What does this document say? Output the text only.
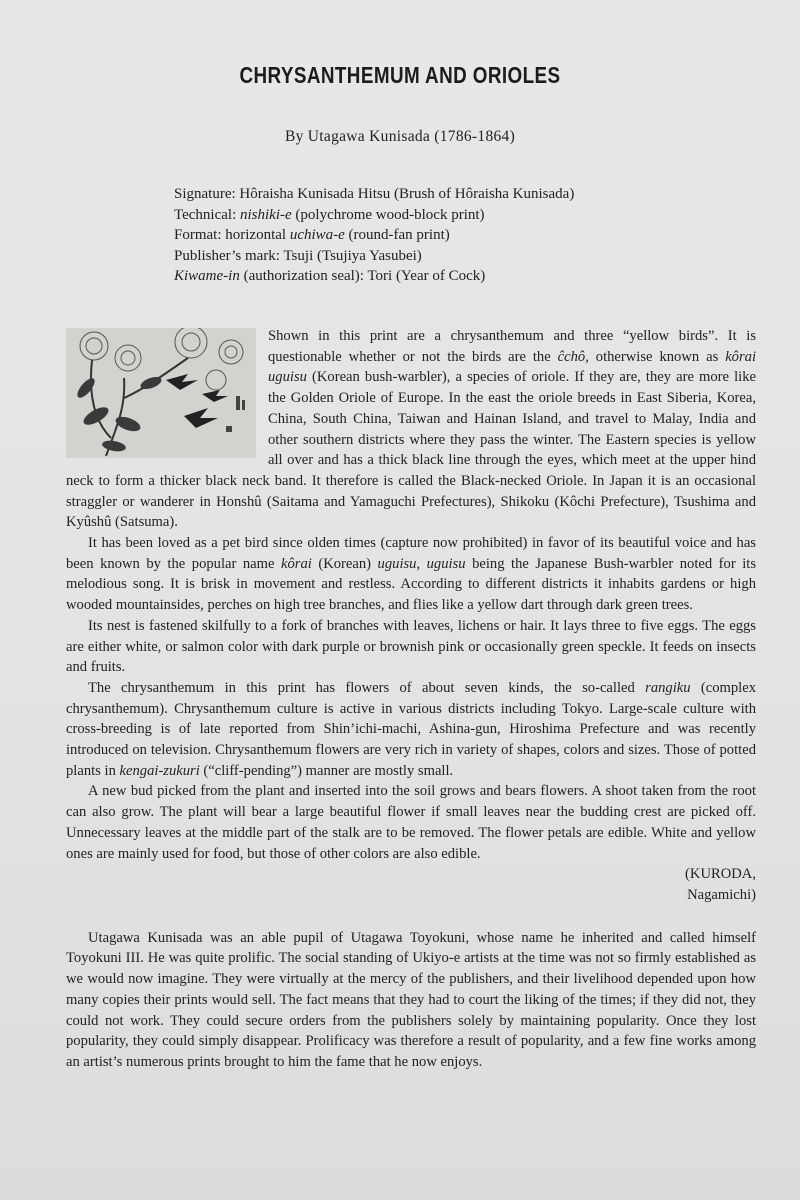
CHRYSANTHEMUM AND ORIOLES
By Utagawa Kunisada (1786-1864)
Signature: Hôraisha Kunisada Hitsu (Brush of Hôraisha Kunisada)
Technical: nishiki-e (polychrome wood-block print)
Format: horizontal uchiwa-e (round-fan print)
Publisher’s mark: Tsuji (Tsujiya Yasubei)
Kiwame-in (authorization seal): Tori (Year of Cock)

Shown in this print are a chrysanthemum and three “yellow birds”. It is questionable whether or not the birds are the ĉchô, otherwise known as kôrai uguisu (Korean bush-warbler), a species of oriole. If they are, they are more like the Golden Oriole of Europe. In the east the oriole breeds in East Siberia, Korea, China, South China, Taiwan and Hainan Island, and travel to Malay, India and other southern districts where they pass the winter. The Eastern species is yellow all over and has a thick black line through the eyes, which meet at the upper hind neck to form a thicker black neck band. It therefore is called the Black-necked Oriole. In Japan it is an occasional straggler or wanderer in Honshû (Saitama and Yamaguchi Prefectures), Shikoku (Kôchi Prefecture), Tsushima and Kyûshû (Satsuma).

It has been loved as a pet bird since olden times (capture now prohibited) in favor of its beautiful voice and has been known by the popular name kôrai (Korean) uguisu, uguisu being the Japanese Bush-warbler noted for its melodious song. It is brisk in movement and restless. According to different districts it inhabits gardens or high wooded mountainsides, perches on high tree branches, and flies like a yellow dart through dark green trees.

Its nest is fastened skilfully to a fork of branches with leaves, lichens or hair. It lays three to five eggs. The eggs are either white, or salmon color with dark purple or brownish pink or occasionally green speckle. It feeds on insects and fruits.

The chrysanthemum in this print has flowers of about seven kinds, the so-called rangiku (complex chrysanthemum). Chrysanthemum culture is active in various districts including Tokyo. Large-scale culture with cross-breeding is of late reported from Shin’ichi-machi, Ashina-gun, Hiroshima Prefecture and was recently introduced on television. Chrysanthemum flowers are very rich in variety of shapes, colors and sizes. Those of potted plants in kengai-zukuri (“cliff-pending”) manner are mostly small.

A new bud picked from the plant and inserted into the soil grows and bears flowers. A shoot taken from the root can also grow. The plant will bear a large beautiful flower if small leaves near the budding crest are picked off. Unnecessary leaves at the middle part of the stalk are to be removed. The flower petals are edible. White and yellow ones are mainly used for food, but those of other colors are also edible.

(KURODA, Nagamichi)

Utagawa Kunisada was an able pupil of Utagawa Toyokuni, whose name he inherited and called himself Toyokuni III. He was quite prolific. The social standing of Ukiyo-e artists at the time was not so firmly established as we would now imagine. They were virtually at the mercy of the publishers, and their livelihood depended upon how many copies their prints would sell. The fact means that they had to court the liking of the times; if they did not, they could not work. They could secure orders from the publishers solely by maintaining popularity. Once they lost popularity, they could simply disappear. Prolificacy was therefore a result of popularity, and a few fine works among an artist’s numerous prints brought to him the fame that he now enjoys.
